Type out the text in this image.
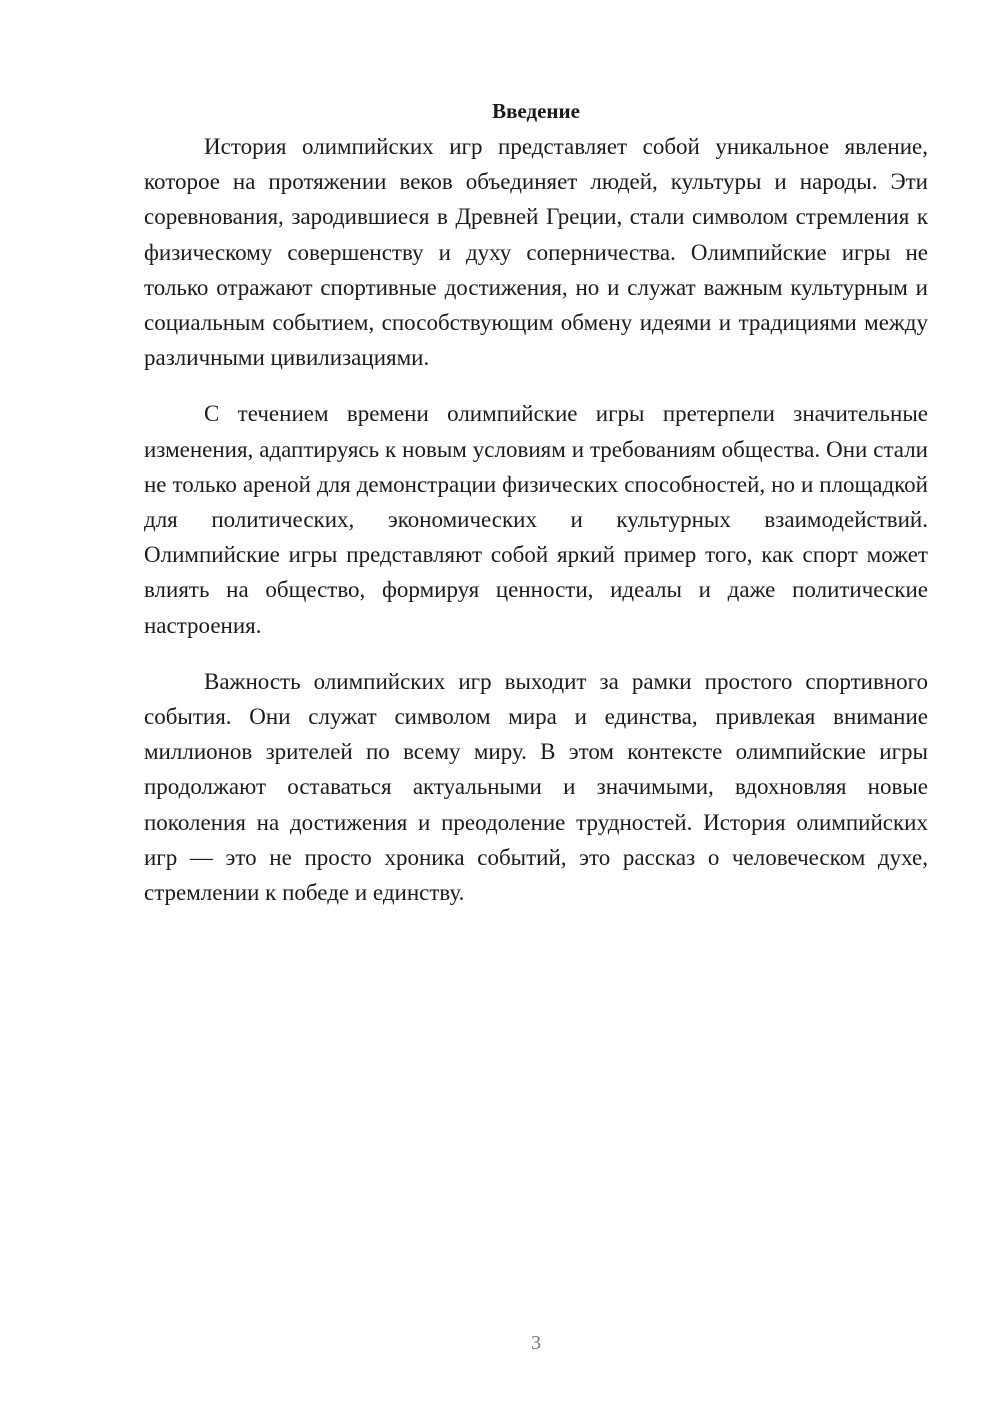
Введение

История олимпийских игр представляет собой уникальное явление, которое на протяжении веков объединяет людей, культуры и народы. Эти соревнования, зародившиеся в Древней Греции, стали символом стремления к физическому совершенству и духу соперничества. Олимпийские игры не только отражают спортивные достижения, но и служат важным культурным и социальным событием, способствующим обмену идеями и традициями между различными цивилизациями.

С течением времени олимпийские игры претерпели значительные изменения, адаптируясь к новым условиям и требованиям общества. Они стали не только ареной для демонстрации физических способностей, но и площадкой для политических, экономических и культурных взаимодействий. Олимпийские игры представляют собой яркий пример того, как спорт может влиять на общество, формируя ценности, идеалы и даже политические настроения.

Важность олимпийских игр выходит за рамки простого спортивного события. Они служат символом мира и единства, привлекая внимание миллионов зрителей по всему миру. В этом контексте олимпийские игры продолжают оставаться актуальными и значимыми, вдохновляя новые поколения на достижения и преодоление трудностей. История олимпийских игр — это не просто хроника событий, это рассказ о человеческом духе, стремлении к победе и единству.

3
